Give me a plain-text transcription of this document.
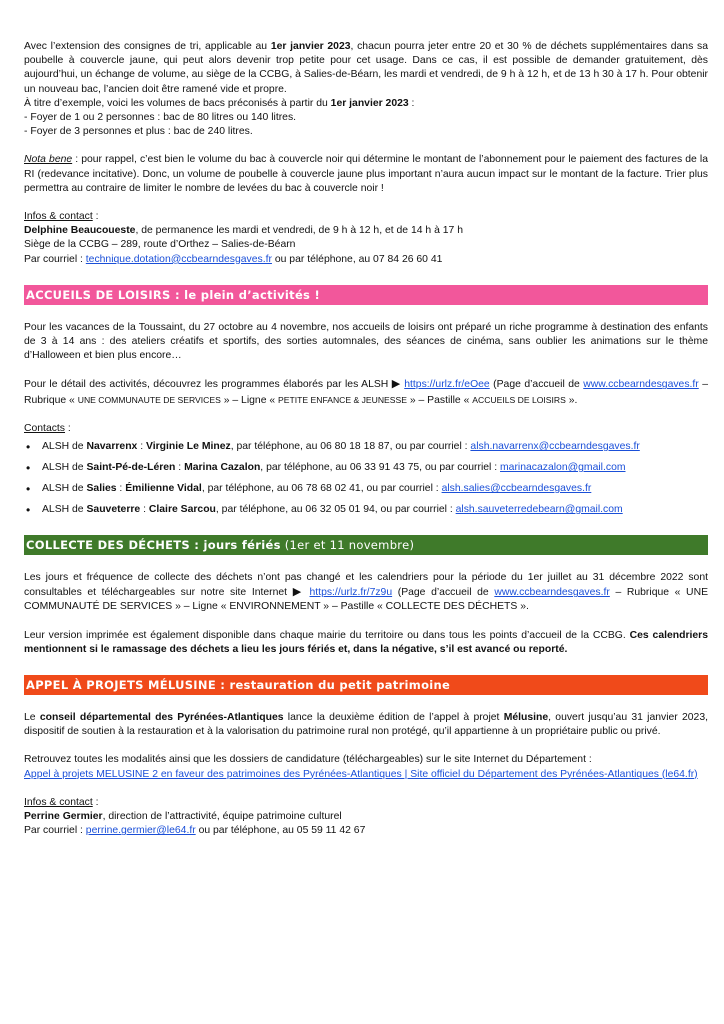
Avec l’extension des consignes de tri, applicable au 1er janvier 2023, chacun pourra jeter entre 20 et 30 % de déchets supplémentaires dans sa poubelle à couvercle jaune, qui peut alors devenir trop petite pour cet usage. Dans ce cas, il est possible de demander gratuitement, dès aujourd’hui, un échange de volume, au siège de la CCBG, à Salies-de-Béarn, les mardi et vendredi, de 9 h à 12 h, et de 13 h 30 à 17 h. Pour obtenir un nouveau bac, l’ancien doit être ramené vide et propre.

À titre d’exemple, voici les volumes de bacs préconisés à partir du 1er janvier 2023 :

- Foyer de 1 ou 2 personnes : bac de 80 litres ou 140 litres.

- Foyer de 3 personnes et plus : bac de 240 litres.

Nota bene : pour rappel, c’est bien le volume du bac à couvercle noir qui détermine le montant de l’abonnement pour le paiement des factures de la RI (redevance incitative). Donc, un volume de poubelle à couvercle jaune plus important n’aura aucun impact sur le montant de la facture. Trier plus permettra au contraire de limiter le nombre de levées du bac à couvercle noir !

Infos & contact :

Delphine Beaucoueste, de permanence les mardi et vendredi, de 9 h à 12 h, et de 14 h à 17 h

Siège de la CCBG – 289, route d’Orthez – Salies-de-Béarn

Par courriel : technique.dotation@ccbearndesgaves.fr ou par téléphone, au 07 84 26 60 41

ACCUEILS DE LOISIRS : le plein d’activités !

Pour les vacances de la Toussaint, du 27 octobre au 4 novembre, nos accueils de loisirs ont préparé un riche programme à destination des enfants de 3 à 14 ans : des ateliers créatifs et sportifs, des sorties automnales, des séances de cinéma, sans oublier les animations sur le thème d’Halloween et bien plus encore…

Pour le détail des activités, découvrez les programmes élaborés par les ALSH ▶ https://urlz.fr/eOee (Page d’accueil de www.ccbearndesgaves.fr – Rubrique « UNE COMMUNAUTE DE SERVICES » – Ligne « PETITE ENFANCE & JEUNESSE » – Pastille « ACCUEILS DE LOISIRS ».

Contacts :

• ALSH de Navarrenx : Virginie Le Minez, par téléphone, au 06 80 18 18 87, ou par courriel : alsh.navarrenx@ccbearndesgaves.fr
• ALSH de Saint-Pé-de-Léren : Marina Cazalon, par téléphone, au 06 33 91 43 75, ou par courriel : marinacazalon@gmail.com
• ALSH de Salies : Émilienne Vidal, par téléphone, au 06 78 68 02 41, ou par courriel : alsh.salies@ccbearndesgaves.fr
• ALSH de Sauveterre : Claire Sarcou, par téléphone, au 06 32 05 01 94, ou par courriel : alsh.sauveterredebearn@gmail.com
COLLECTE DES DÉCHETS : jours fériés (1er et 11 novembre)

Les jours et fréquence de collecte des déchets n’ont pas changé et les calendriers pour la période du 1er juillet au 31 décembre 2022 sont consultables et téléchargeables sur notre site Internet ▶ https://urlz.fr/7z9u (Page d’accueil de www.ccbearndesgaves.fr – Rubrique « UNE COMMUNAUTÉ DE SERVICES » – Ligne « ENVIRONNEMENT » – Pastille « COLLECTE DES DÉCHETS ».

Leur version imprimée est également disponible dans chaque mairie du territoire ou dans tous les points d’accueil de la CCBG. Ces calendriers mentionnent si le ramassage des déchets a lieu les jours fériés et, dans la négative, s’il est avancé ou reporté.

APPEL À PROJETS MÉLUSINE : restauration du petit patrimoine

Le conseil départemental des Pyrénées-Atlantiques lance la deuxième édition de l’appel à projet Mélusine, ouvert jusqu’au 31 janvier 2023, dispositif de soutien à la restauration et à la valorisation du patrimoine rural non protégé, qu’il appartienne à un propriétaire public ou privé.

Retrouvez toutes les modalités ainsi que les dossiers de candidature (téléchargeables) sur le site Internet du Département :

Appel à projets MELUSINE 2 en faveur des patrimoines des Pyrénées-Atlantiques | Site officiel du Département des Pyrénées-Atlantiques (le64.fr)

Infos & contact :

Perrine Germier, direction de l’attractivité, équipe patrimoine culturel

Par courriel : perrine.germier@le64.fr ou par téléphone, au 05 59 11 42 67
